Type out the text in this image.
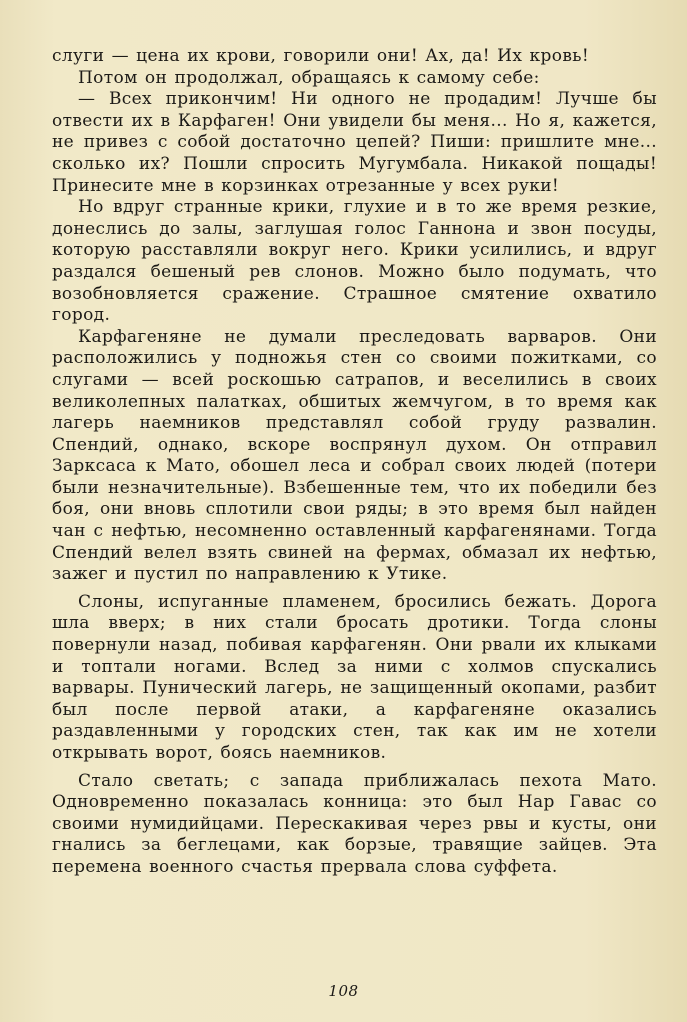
слуги — цена их крови, говорили они! Ах, да! Их кровь!

Потом он продолжал, обращаясь к самому себе:

— Всех прикончим! Ни одного не продадим! Лучше бы отвести их в Карфаген! Они увидели бы меня... Но я, кажется, не привез с собой достаточно цепей? Пиши: пришлите мне... сколько их? Пошли спросить Мугумбала. Никакой пощады! Принесите мне в корзинках отрезанные у всех руки!

Но вдруг странные крики, глухие и в то же время резкие, донеслись до залы, заглушая голос Ганнона и звон посуды, которую расставляли вокруг него. Крики усилились, и вдруг раздался бешеный рев слонов. Можно было подумать, что возобновляется сражение. Страшное смятение охватило город.

Карфагеняне не думали преследовать варваров. Они расположились у подножья стен со своими пожитками, со слугами — всей роскошью сатрапов, и веселились в своих великолепных палатках, обшитых жемчугом, в то время как лагерь наемников представлял собой груду развалин. Спендий, однако, вскоре воспрянул духом. Он отправил Зарксаса к Мато, обошел леса и собрал своих людей (потери были незначительные). Взбешенные тем, что их победили без боя, они вновь сплотили свои ряды; в это время был найден чан с нефтью, несомненно оставленный карфагенянами. Тогда Спендий велел взять свиней на фермах, обмазал их нефтью, зажег и пустил по направлению к Утике.

Слоны, испуганные пламенем, бросились бежать. Дорога шла вверх; в них стали бросать дротики. Тогда слоны повернули назад, побивая карфагенян. Они рвали их клыками и топтали ногами. Вслед за ними с холмов спускались варвары. Пунический лагерь, не защищенный окопами, разбит был после первой атаки, а карфагеняне оказались раздавленными у городских стен, так как им не хотели открывать ворот, боясь наемников.

Стало светать; с запада приближалась пехота Мато. Одновременно показалась конница: это был Нар Гавас со своими нумидийцами. Перескакивая через рвы и кусты, они гнались за беглецами, как борзые, травящие зайцев. Эта перемена военного счастья прервала слова суффета.

108
